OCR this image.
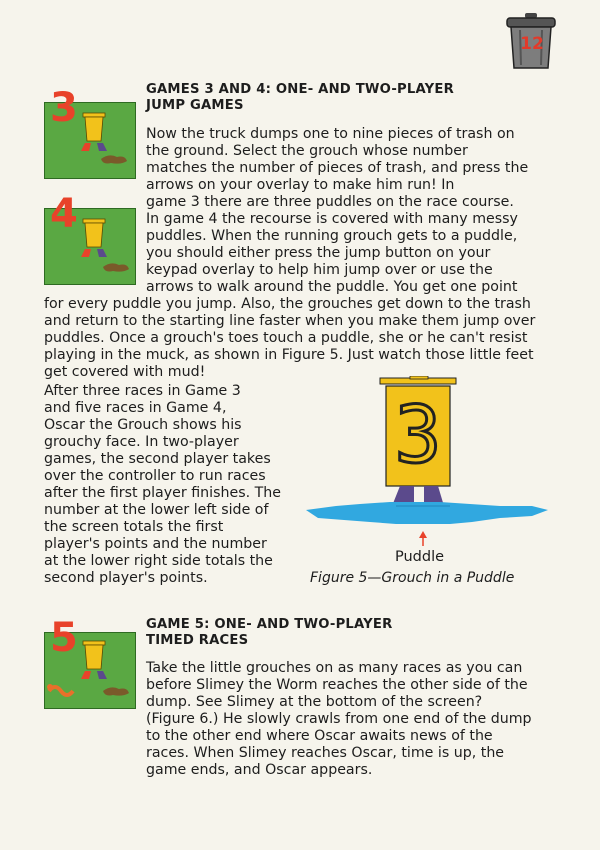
12
GAMES 3 AND 4: ONE- AND TWO-PLAYER
JUMP GAMES
3
4
Now the truck dumps one to nine pieces of trash on
the ground. Select the grouch whose number
matches the number of pieces of trash, and press the
arrows on your overlay to make him run! In
game 3 there are three puddles on the race course.
In game 4 the recourse is covered with many messy
puddles. When the running grouch gets to a puddle,
you should either press the jump button on your
keypad overlay to help him jump over or use the
arrows to walk around the puddle. You get one point
for every puddle you jump. Also, the grouches get down to the trash
and return to the starting line faster when you make them jump over
puddles. Once a grouch's toes touch a puddle, she or he can't resist
playing in the muck, as shown in Figure 5. Just watch those little feet
get covered with mud!
After three races in Game 3
and five races in Game 4,
Oscar the Grouch shows his
grouchy face. In two-player
games, the second player takes
over the controller to run races
after the first player finishes. The
number at the lower left side of
the screen totals the first
player's points and the number
at the lower right side totals the
second player's points.
3
Puddle
Figure 5—Grouch in a Puddle
GAME 5: ONE- AND TWO-PLAYER
TIMED RACES
5
Take the little grouches on as many races as you can
before Slimey the Worm reaches the other side of the
dump. See Slimey at the bottom of the screen?
(Figure 6.) He slowly crawls from one end of the dump
to the other end where Oscar awaits news of the
races. When Slimey reaches Oscar, time is up, the
game ends, and Oscar appears.
